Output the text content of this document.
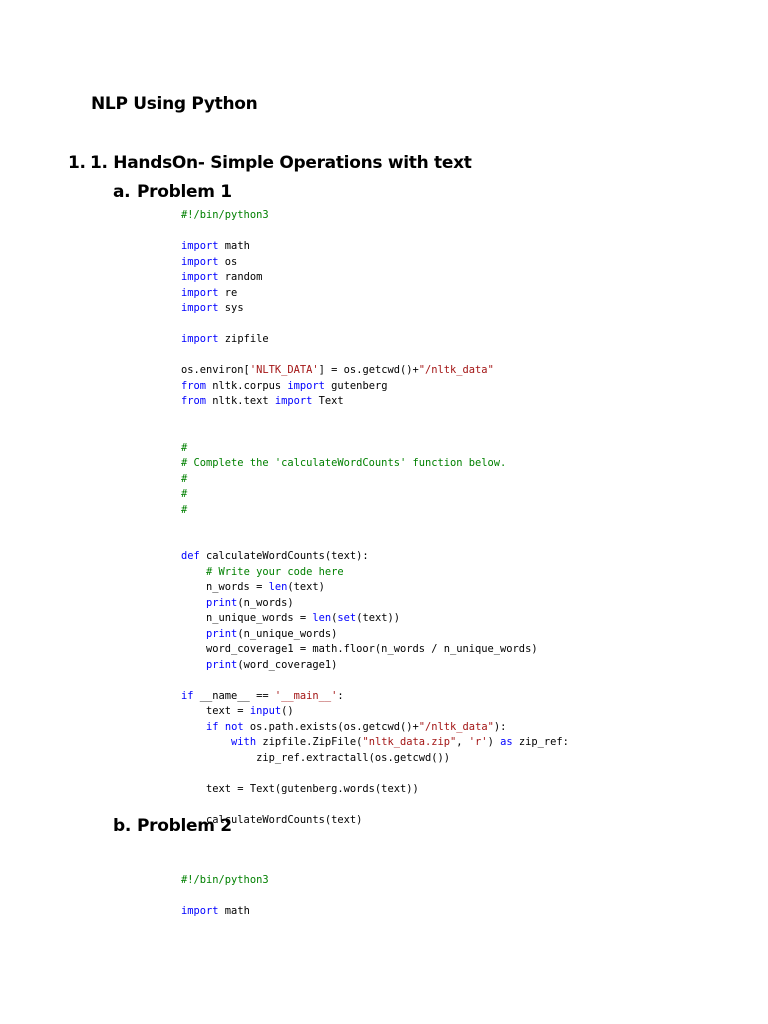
NLP Using Python
1. 1. HandsOn- Simple Operations with text
a. Problem 1
#!/bin/python3

import math
import os
import random
import re
import sys

import zipfile

os.environ['NLTK_DATA'] = os.getcwd()+"/nltk_data"
from nltk.corpus import gutenberg
from nltk.text import Text

#
# Complete the 'calculateWordCounts' function below.
#
#
#

def calculateWordCounts(text):
# Write your code here
n_words = len(text)
print(n_words)
n_unique_words = len(set(text))
print(n_unique_words)
word_coverage1 = math.floor(n_words / n_unique_words)
print(word_coverage1)

if __name__ == '__main__':
text = input()
if not os.path.exists(os.getcwd()+"/nltk_data"):
with zipfile.ZipFile("nltk_data.zip", 'r') as zip_ref:
zip_ref.extractall(os.getcwd())

text = Text(gutenberg.words(text))

calculateWordCounts(text)
b. Problem 2
#!/bin/python3

import math
